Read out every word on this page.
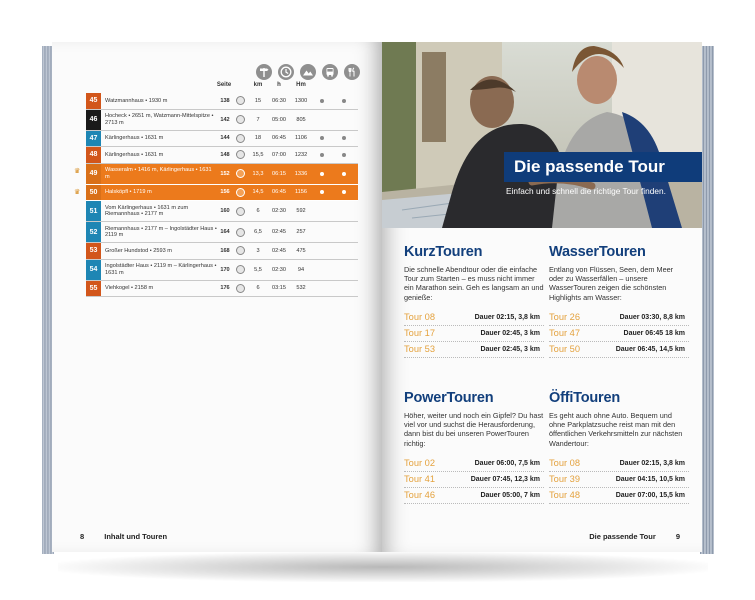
Seite	km	h	Hm
45	Watzmannhaus • 1930 m	138	15	06:30	1300
46	Hocheck • 2651 m, Watzmann-Mittelspitze • 2713 m	142	7	05:00	805
47	Kärlingerhaus • 1631 m	144	18	06:45	1106
48	Kärlingerhaus • 1631 m	148	15,5	07:00	1232
♛	49	Wasseralm • 1416 m, Kärlingerhaus • 1631 m	152	13,3	06:15	1336
♛	50	Halsköpfl • 1719 m	156	14,5	06:45	1156
51	Vom Kärlingerhaus • 1631 m zum Riemannhaus • 2177 m	160	6	02:30	592
52	Riemannhaus • 2177 m – Ingolstädter Haus • 2119 m	164	6,5	02:45	257
53	Großer Hundstod • 2593 m	168	3	02:45	475
54	Ingolstädter Haus • 2119 m – Kärlingerhaus • 1631 m	170	5,5	02:30	94
55	Viehkogel • 2158 m	176	6	03:15	532
8	Inhalt und Touren
Die passende Tour
Einfach und schnell die richtige Tour finden.
KurzTouren
Die schnelle Abendtour oder die einfache Tour zum Starten – es muss nicht immer ein Marathon sein. Geh es langsam an und genieße:
Tour 08	Dauer 02:15, 3,8 km
Tour 17	Dauer 02:45, 3 km
Tour 53	Dauer 02:45, 3 km
WasserTouren
Entlang von Flüssen, Seen, dem Meer oder zu Wasserfällen – unsere WasserTouren zeigen die schönsten Highlights am Wasser:
Tour 26	Dauer 03:30, 8,8 km
Tour 47	Dauer 06:45 18 km
Tour 50	Dauer 06:45, 14,5 km
PowerTouren
Höher, weiter und noch ein Gipfel? Du hast viel vor und suchst die Herausforderung, dann bist du bei unseren PowerTouren richtig:
Tour 02	Dauer 06:00, 7,5 km
Tour 41	Dauer 07:45, 12,3 km
Tour 46	Dauer 05:00, 7 km
ÖffiTouren
Es geht auch ohne Auto. Bequem und ohne Parkplatzsuche reist man mit den öffentlichen Verkehrsmitteln zur nächsten Wandertour:
Tour 08	Dauer 02:15, 3,8 km
Tour 39	Dauer 04:15, 10,5 km
Tour 48	Dauer 07:00, 15,5 km
Die passende Tour	9
